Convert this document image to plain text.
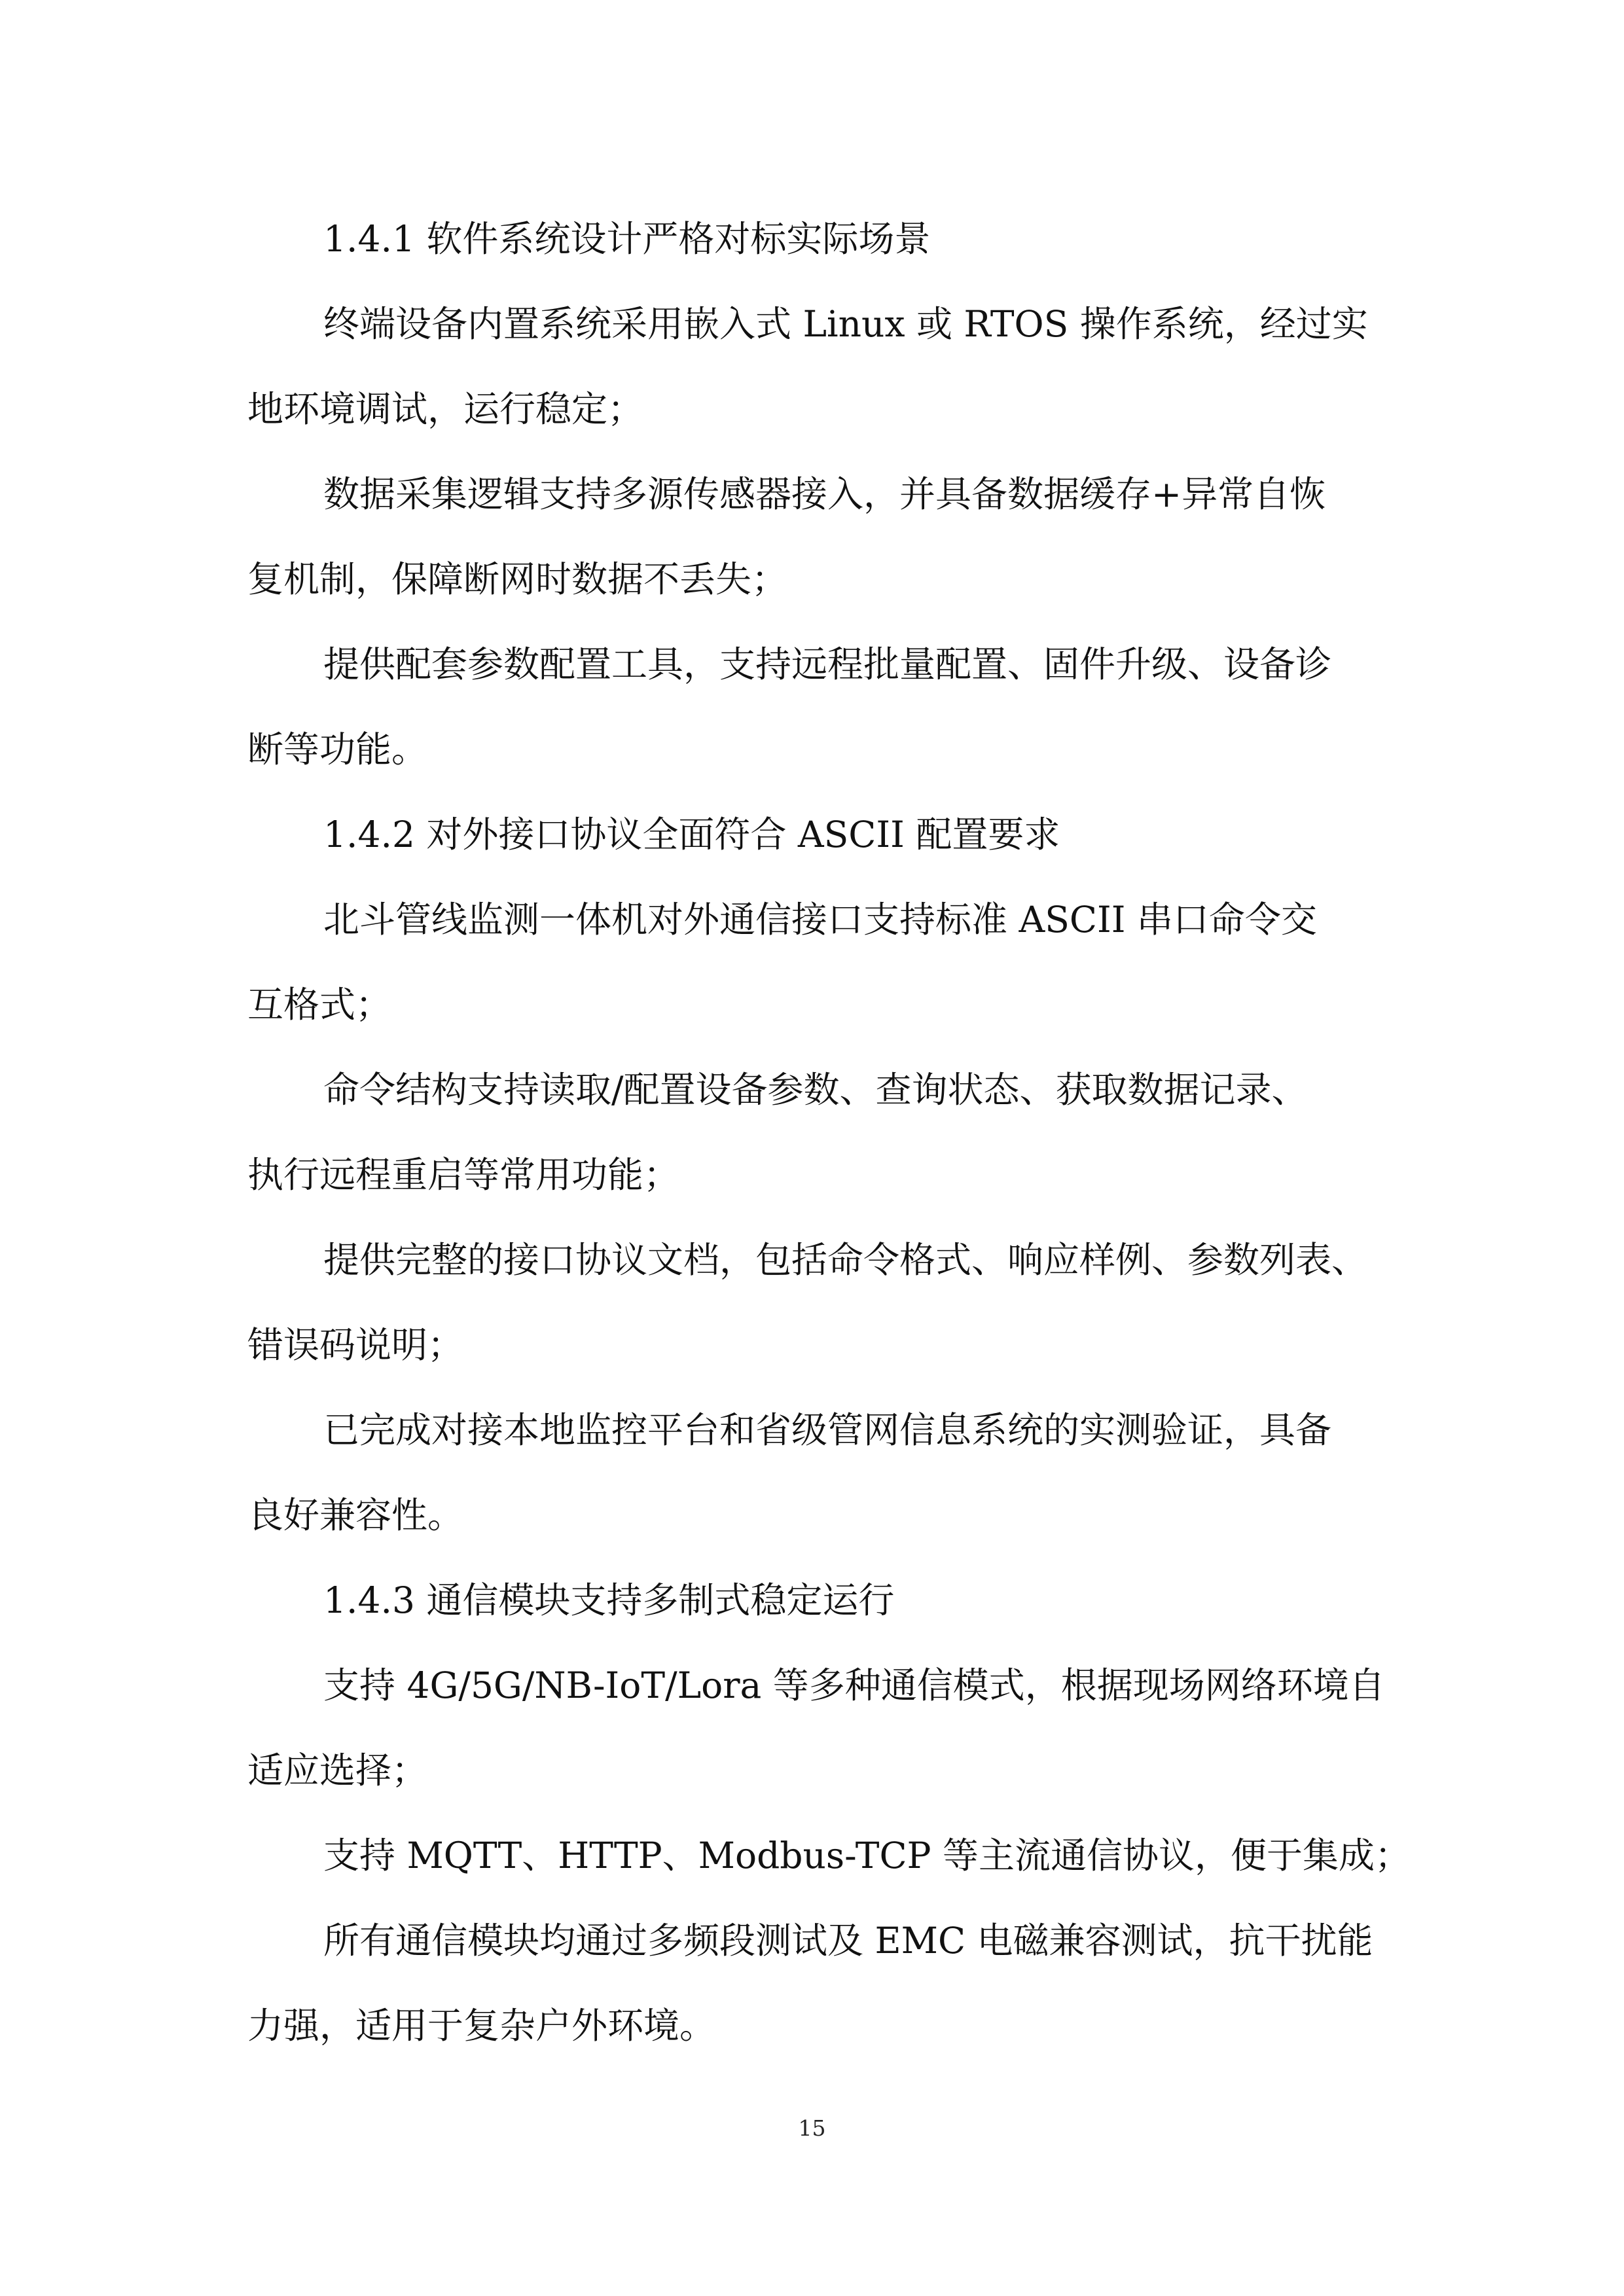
1.4.1 软件系统设计严格对标实际场景

终端设备内置系统采用嵌入式 Linux 或 RTOS 操作系统，经过实

地环境调试，运行稳定；

数据采集逻辑支持多源传感器接入，并具备数据缓存+异常自恢

复机制，保障断网时数据不丢失；

提供配套参数配置工具，支持远程批量配置、固件升级、设备诊

断等功能。

1.4.2 对外接口协议全面符合 ASCII 配置要求

北斗管线监测一体机对外通信接口支持标准 ASCII 串口命令交

互格式；

命令结构支持读取/配置设备参数、查询状态、获取数据记录、

执行远程重启等常用功能；

提供完整的接口协议文档，包括命令格式、响应样例、参数列表、

错误码说明；

已完成对接本地监控平台和省级管网信息系统的实测验证，具备

良好兼容性。

1.4.3 通信模块支持多制式稳定运行

支持 4G/5G/NB-IoT/Lora 等多种通信模式，根据现场网络环境自

适应选择；

支持 MQTT、HTTP、Modbus-TCP 等主流通信协议，便于集成；

所有通信模块均通过多频段测试及 EMC 电磁兼容测试，抗干扰能

力强，适用于复杂户外环境。

15
